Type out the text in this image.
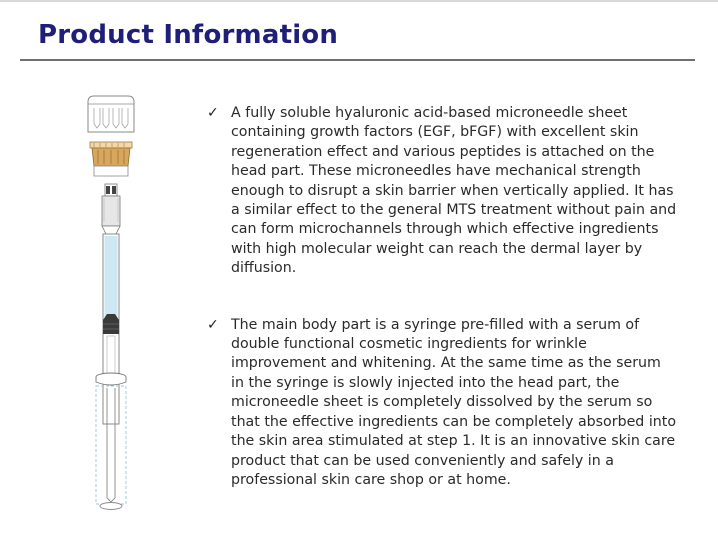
Product Information
✓ A fully soluble hyaluronic acid-based microneedle sheet containing growth factors (EGF, bFGF) with excellent skin regeneration effect and various peptides is attached on the head part. These microneedles have mechanical strength enough to disrupt a skin barrier when vertically applied. It has a similar effect to the general MTS treatment without pain and can form microchannels through which effective ingredients with high molecular weight can reach the dermal layer by diffusion.
✓ The main body part is a syringe pre-filled with a serum of double functional cosmetic ingredients for wrinkle improvement and whitening. At the same time as the serum in the syringe is slowly injected into the head part, the microneedle sheet is completely dissolved by the serum so that the effective ingredients can be completely absorbed into the skin area stimulated at step 1. It is an innovative skin care product that can be used conveniently and safely in a professional skin care shop or at home.
